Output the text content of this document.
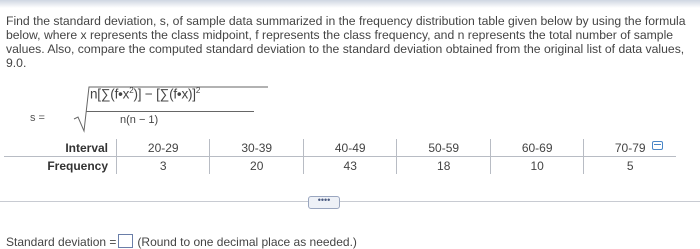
Find the standard deviation, s, of sample data summarized in the frequency distribution table given below by using the formula below, where x represents the class midpoint, f represents the class frequency, and n represents the total number of sample values. Also, compare the computed standard deviation to the standard deviation obtained from the original list of data values, 9.0.
s =
$n[\sum(f•x^2)]$ − [∑(f•x)]$^2$
n(n − 1)
Interval	20-29	30-39	40-49	50-59	60-69	70-79
Frequency	3	20	43	18	10	5
••••
Standard deviation = (Round to one decimal place as needed.)
